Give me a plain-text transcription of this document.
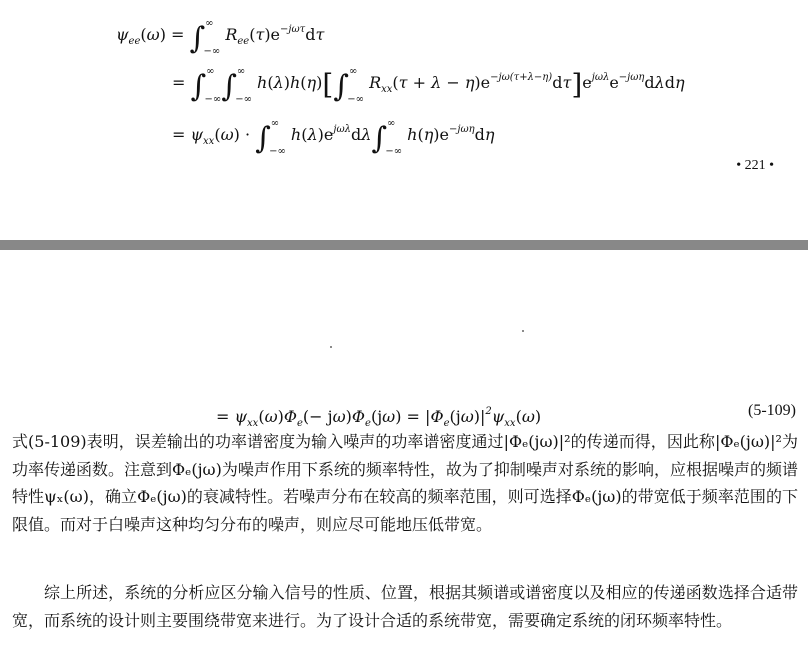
$\psi_{ee}(\omega) = \int^\infty_{-\infty}$ $R_{ee}(\tau)e^{-j\omega\tau}d\tau$
= $\int^\infty_{-\infty}\int^\infty_{-\infty}$ $h(\lambda)h(\eta)[\int^\infty_{-\infty}$ $R_{xx}(\tau + \lambda - \eta)e^{-j\omega(\tau+\lambda-\eta)}d\tau]e^{j\omega\lambda}e^{-j\omega\eta}d\lambda d\eta$
= $\psi_{xx}(\omega) \cdot \int^\infty_{-\infty}$ $h(\lambda)e^{j\omega\lambda}d\lambda\int^\infty_{-\infty}$ $h(\eta)e^{-j\omega\eta}d\eta$
• 221 •
= $\psi_{xx}(\omega)\Phi_e(- j\omega)\Phi_e(j\omega) = |\Phi_e(j\omega)|^2\psi_{xx}(\omega)$	(5-109)

式(5-109)表明，误差输出的功率谱密度为输入噪声的功率谱密度通过|Φₑ(jω)|²的传递而得，因此称|Φₑ(jω)|²为功率传递函数。注意到Φₑ(jω)为噪声作用下系统的频率特性，故为了抑制噪声对系统的影响，应根据噪声的频谱特性ψₓ(ω)，确立Φₑ(jω)的衰减特性。若噪声分布在较高的频率范围，则可选择Φₑ(jω)的带宽低于频率范围的下限值。而对于白噪声这种均匀分布的噪声，则应尽可能地压低带宽。

综上所述，系统的分析应区分输入信号的性质、位置，根据其频谱或谱密度以及相应的传递函数选择合适带宽，而系统的设计则主要围绕带宽来进行。为了设计合适的系统带宽，需要确定系统的闭环频率特性。
